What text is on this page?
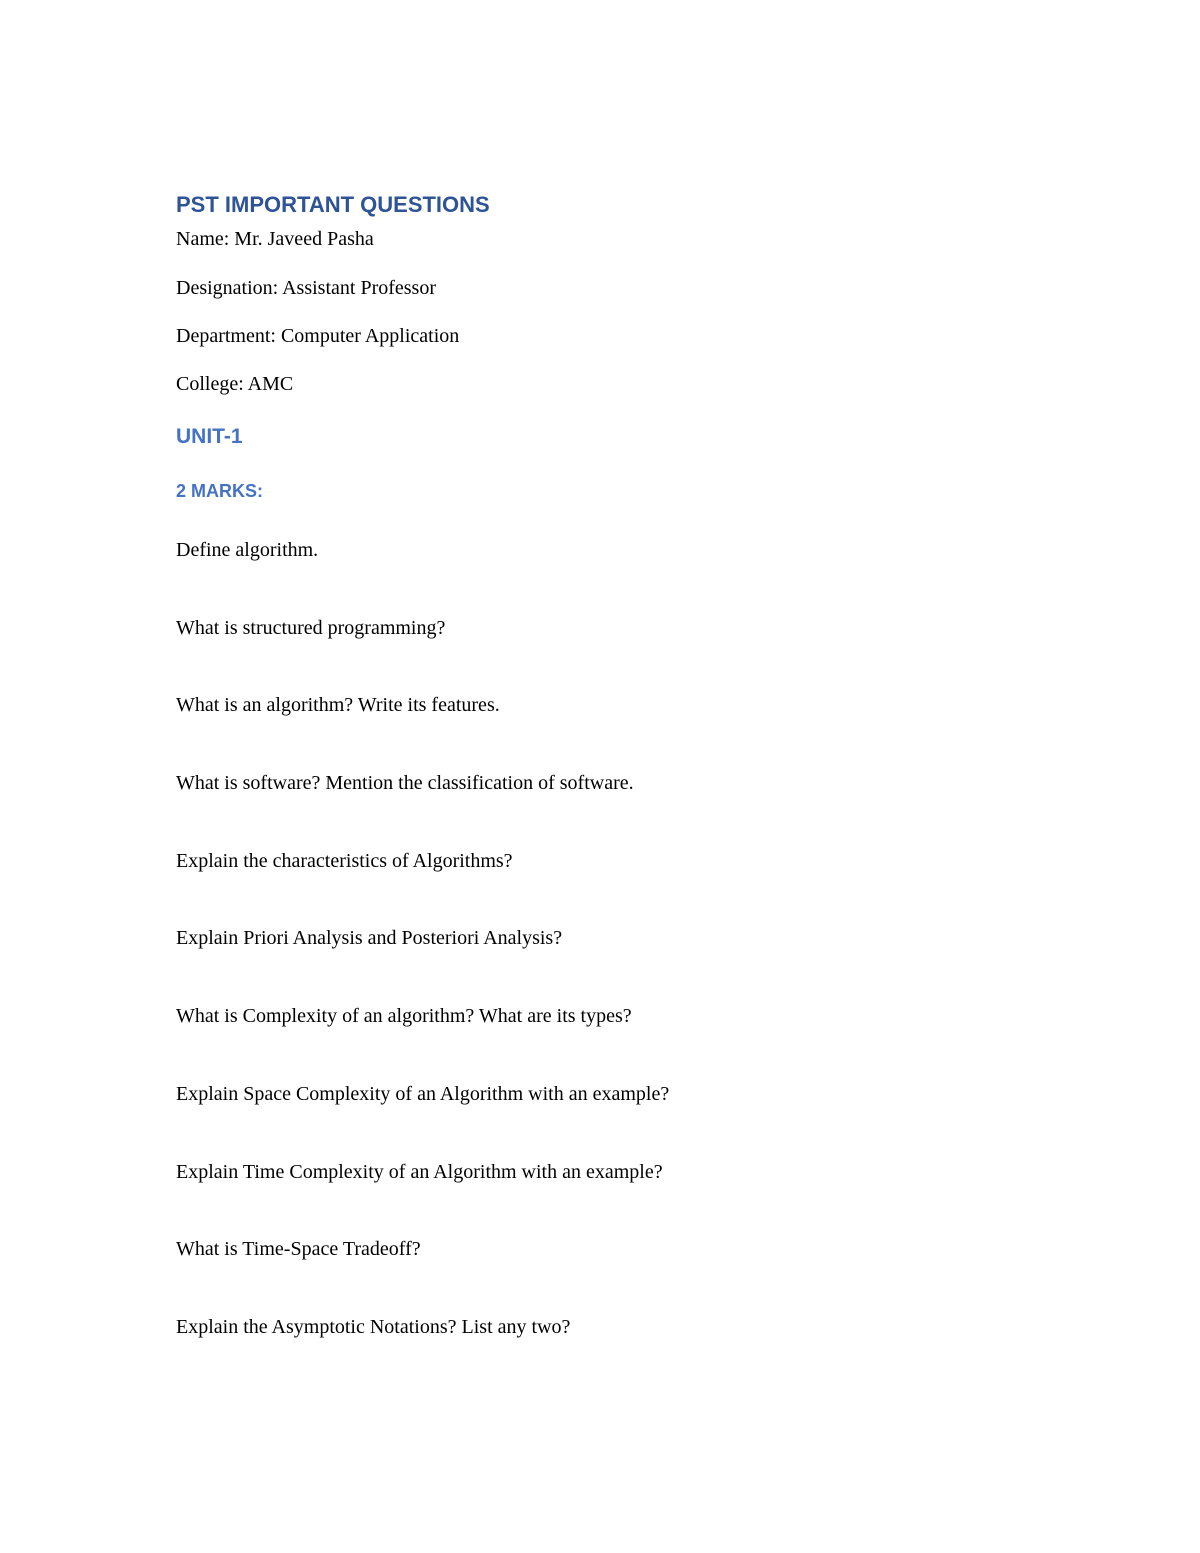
PST IMPORTANT QUESTIONS

Name: Mr. Javeed Pasha

Designation: Assistant Professor

Department: Computer Application

College: AMC

UNIT-1
2 MARKS:
Define algorithm.
What is structured programming?
What is an algorithm? Write its features.
What is software? Mention the classification of software.
Explain the characteristics of Algorithms?
Explain Priori Analysis and Posteriori Analysis?
What is Complexity of an algorithm? What are its types?
Explain Space Complexity of an Algorithm with an example?
Explain Time Complexity of an Algorithm with an example?
What is Time-Space Tradeoff?
Explain the Asymptotic Notations? List any two?
